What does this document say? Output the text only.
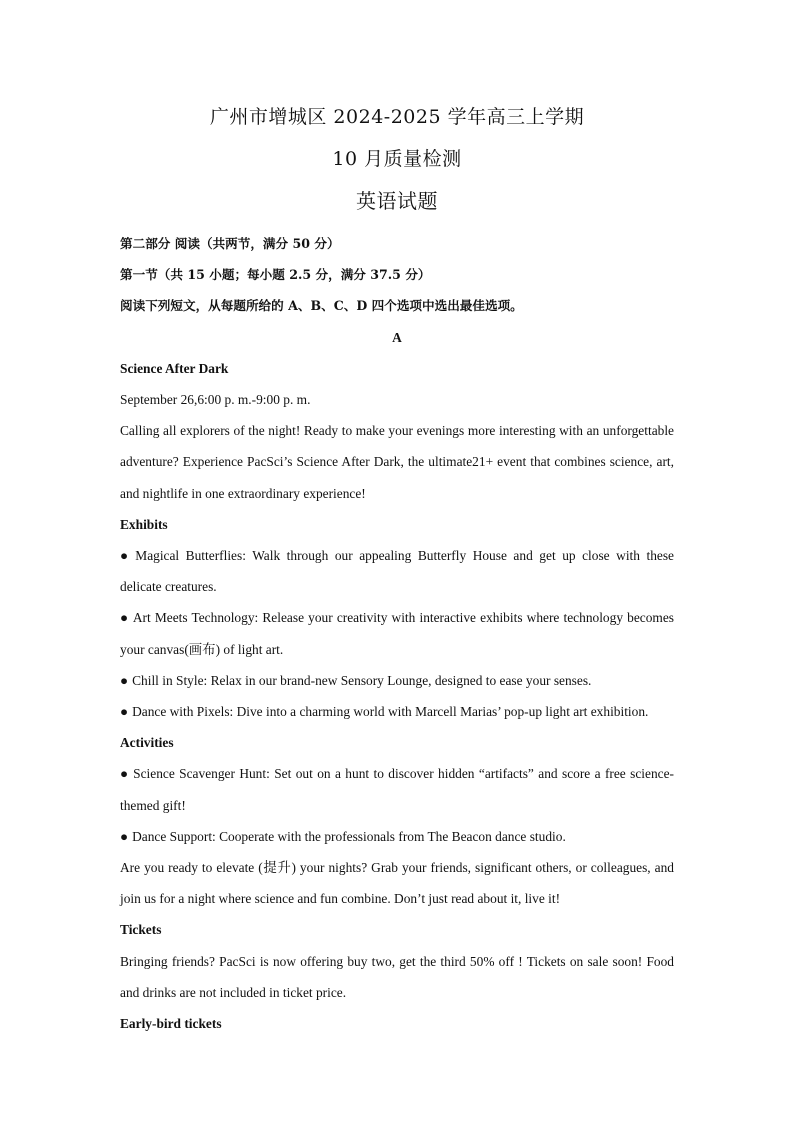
广州市增城区 2024-2025 学年高三上学期
10 月质量检测
英语试题

第二部分 阅读（共两节，满分 50 分）

第一节（共 15 小题；每小题 2.5 分，满分 37.5 分）

阅读下列短文，从每题所给的 A、B、C、D 四个选项中选出最佳选项。

A

Science After Dark

September 26,6:00 p. m.-9:00 p. m.

Calling all explorers of the night! Ready to make your evenings more interesting with an unforgettable adventure? Experience PacSci’s Science After Dark, the ultimate21+ event that combines science, art, and nightlife in one extraordinary experience!

Exhibits

● Magical Butterflies: Walk through our appealing Butterfly House and get up close with these delicate creatures.

● Art Meets Technology: Release your creativity with interactive exhibits where technology becomes your canvas(画布) of light art.

● Chill in Style: Relax in our brand-new Sensory Lounge, designed to ease your senses.

● Dance with Pixels: Dive into a charming world with Marcell Marias’ pop-up light art exhibition.

Activities

● Science Scavenger Hunt: Set out on a hunt to discover hidden “artifacts” and score a free science-themed gift!

● Dance Support: Cooperate with the professionals from The Beacon dance studio.

Are you ready to elevate (提升) your nights? Grab your friends, significant others, or colleagues, and join us for a night where science and fun combine. Don’t just read about it, live it!

Tickets

Bringing friends? PacSci is now offering buy two, get the third 50% off ! Tickets on sale soon! Food and drinks are not included in ticket price.

Early-bird tickets
